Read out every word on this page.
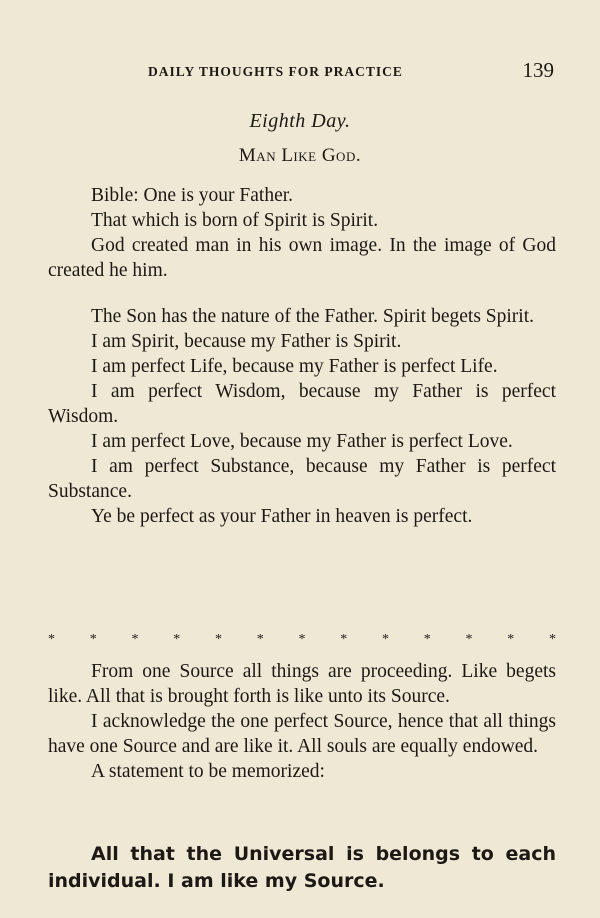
DAILY THOUGHTS FOR PRACTICE	139
Eighth Day.
Man Like God.

Bible: One is your Father.

That which is born of Spirit is Spirit.

God created man in his own image. In the image of God created he him.

The Son has the nature of the Father. Spirit begets Spirit.

I am Spirit, because my Father is Spirit.

I am perfect Life, because my Father is perfect Life.

I am perfect Wisdom, because my Father is perfect Wisdom.

I am perfect Love, because my Father is perfect Love.

I am perfect Substance, because my Father is perfect Substance.

Ye be perfect as your Father in heaven is perfect.

* * * * * * * * * * * * *

From one Source all things are proceeding. Like begets like. All that is brought forth is like unto its Source.

I acknowledge the one perfect Source, hence that all things have one Source and are like it. All souls are equally endowed.

A statement to be memorized:

All that the Universal is belongs to each individual. I am like my Source.
